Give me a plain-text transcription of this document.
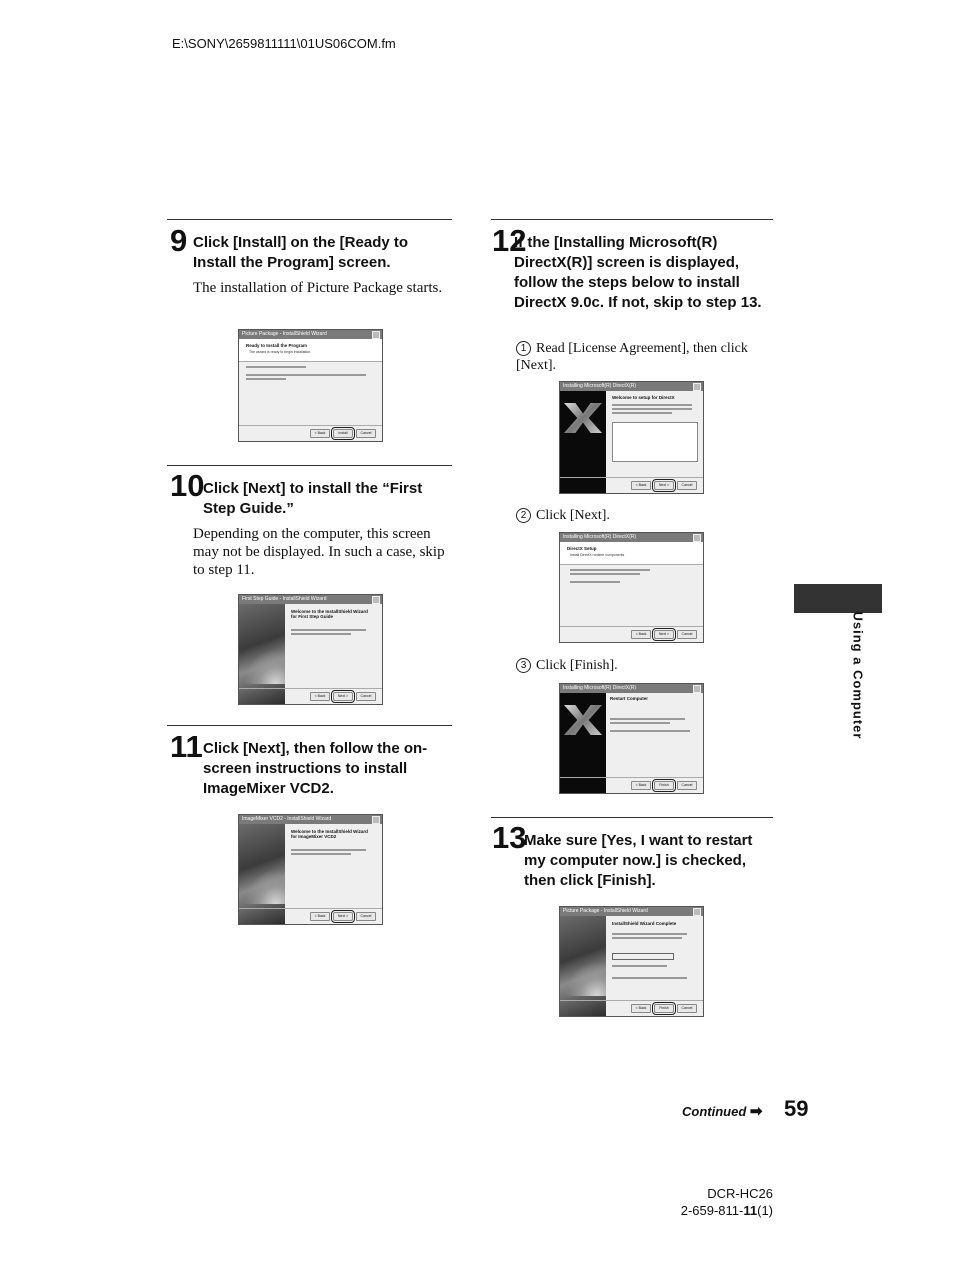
E:\SONY\2659811111\01US06COM.fm
9 Click [Install] on the [Ready to Install the Program] screen.
The installation of Picture Package starts.
Picture Package - InstallShield Wizard
Ready to Install the Program
The wizard is ready to begin installation.
< Back	Install	Cancel
10
Click [Next] to install the “First Step Guide.”
Depending on the computer, this screen may not be displayed. In such a case, skip to step 11.
First Step Guide - InstallShield Wizard
Welcome to the InstallShield Wizard for First Step Guide
< Back	Next >	Cancel
11 Click [Next], then follow the on-screen instructions to install ImageMixer VCD2.
ImageMixer VCD2 - InstallShield Wizard
Welcome to the InstallShield Wizard for ImageMixer VCD2
< Back	Next >	Cancel
12
If the [Installing Microsoft(R) DirectX(R)] screen is displayed, follow the steps below to install DirectX 9.0c. If not, skip to step 13.
1 Read [License Agreement], then click [Next].
Installing Microsoft(R) DirectX(R)
Welcome to setup for DirectX
< Back	Next >	Cancel
2 Click [Next].
Installing Microsoft(R) DirectX(R)
DirectX Setup
Install DirectX runtime components
< Back	Next >	Cancel
3 Click [Finish].
Installing Microsoft(R) DirectX(R)
Restart Computer
< Back	Finish	Cancel
13
Make sure [Yes, I want to restart my computer now.] is checked, then click [Finish].
Picture Package - InstallShield Wizard
InstallShield Wizard Complete
< Back	Finish	Cancel
Using a Computer
Continued ➡ 59
DCR-HC26
2-659-811-11(1)
